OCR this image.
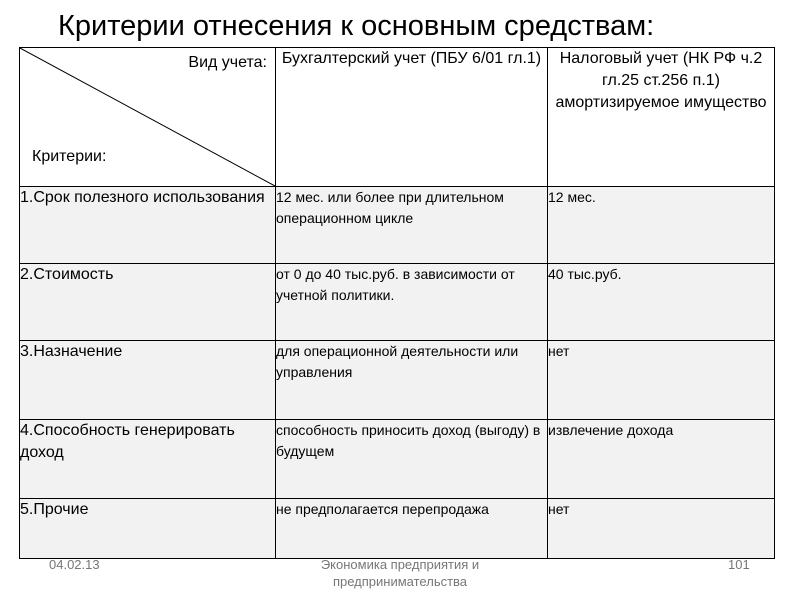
Критерии отнесения к основным средствам:
Вид учета:
Критерии:	Бухгалтерский учет (ПБУ 6/01 гл.1)	Налоговый учет (НК РФ ч.2 гл.25 ст.256 п.1) амортизируемое имущество
1.Срок полезного использования	12 мес. или более при длительном операционном цикле	12 мес.
2.Стоимость	от 0 до 40 тыс.руб. в зависимости от учетной политики.	40 тыс.руб.
3.Назначение	для операционной деятельности или управления	нет
4.Способность генерировать доход	способность приносить доход (выгоду) в будущем	извлечение дохода
5.Прочие	не предполагается перепродажа	нет
04.02.13	Экономика предприятия и предпринимательства
101
